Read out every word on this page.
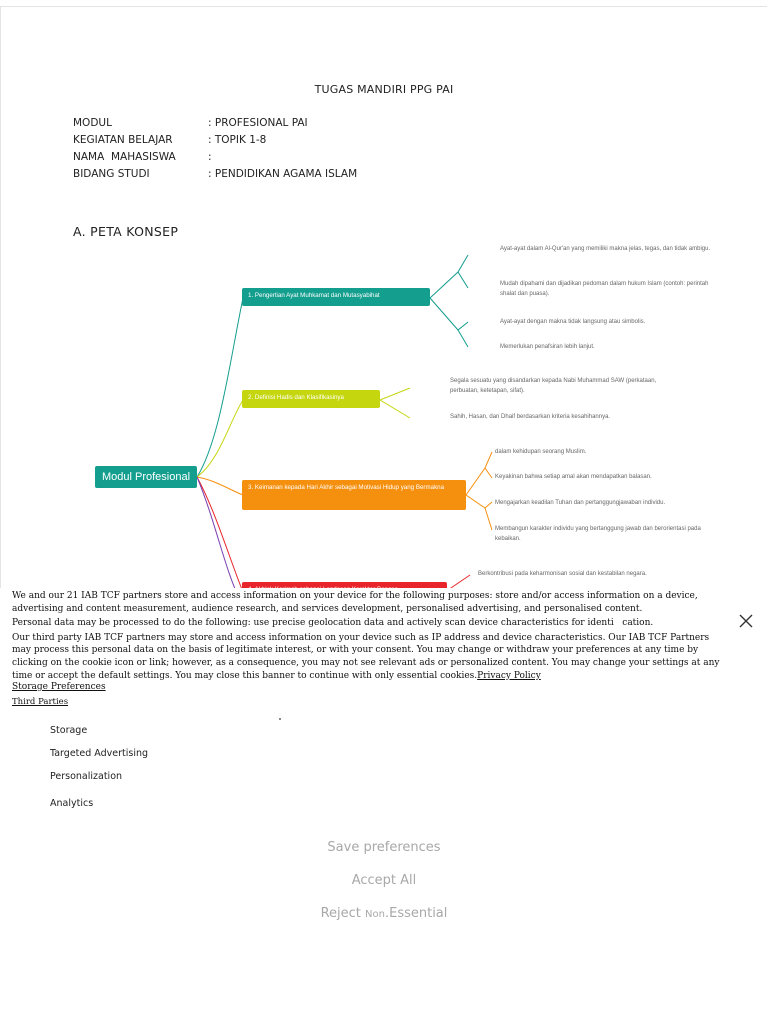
TUGAS MANDIRI PPG PAI
MODUL	: PROFESIONAL PAI
KEGIATAN BELAJAR	: TOPIK 1-8
NAMA  MAHASISWA	:
BIDANG STUDI	: PENDIDIKAN AGAMA ISLAM
A. PETA KONSEP
Modul Profesional
1. Pengertian Ayat Muhkamat dan Mutasyabihat
Ayat-ayat dalam Al-Qur'an yang memiliki makna jelas, tegas, dan tidak ambigu.
Mudah dipahami dan dijadikan pedoman dalam hukum Islam (contoh: perintah shalat dan puasa).
Ayat-ayat dengan makna tidak langsung atau simbolis.
Memerlukan penafsiran lebih lanjut.
2. Definisi Hadis dan Klasifikasinya
Segala sesuatu yang disandarkan kepada Nabi Muhammad SAW (perkataan, perbuatan, ketetapan, sifat).
Sahih, Hasan, dan Dhaif berdasarkan kriteria kesahihannya.
3. Keimanan kepada Hari Akhir sebagai Motivasi Hidup yang Bermakna
dalam kehidupan seorang Muslim.
Keyakinan bahwa setiap amal akan mendapatkan balasan.
Mengajarkan keadilan Tuhan dan pertanggungjawaban individu.
Membangun karakter individu yang bertanggung jawab dan berorientasi pada kebaikan.
Berkontribusi pada keharmonisan sosial dan kestabilan negara.

We and our 21 IAB TCF partners store and access information on your device for the following purposes: store and/or access information on a device, advertising and content measurement, audience research, and services development, personalised advertising, and personalised content.

Personal data may be processed to do the following: use precise geolocation data and actively scan device characteristics for identi   cation.

Our third party IAB TCF partners may store and access information on your device such as IP address and device characteristics. Our IAB TCF Partners may process this personal data on the basis of legitimate interest, or with your consent. You may change or withdraw your preferences at any time by clicking on the cookie icon or link; however, as a consequence, you may not see relevant ads or personalized content. You may change your settings at any time or accept the default settings. You may close this banner to continue with only essential cookies.Privacy Policy

Storage Preferences
Third Parties
Storage
Targeted Advertising
Personalization
Analytics
Save preferences
Accept All
Reject Non.Essential
